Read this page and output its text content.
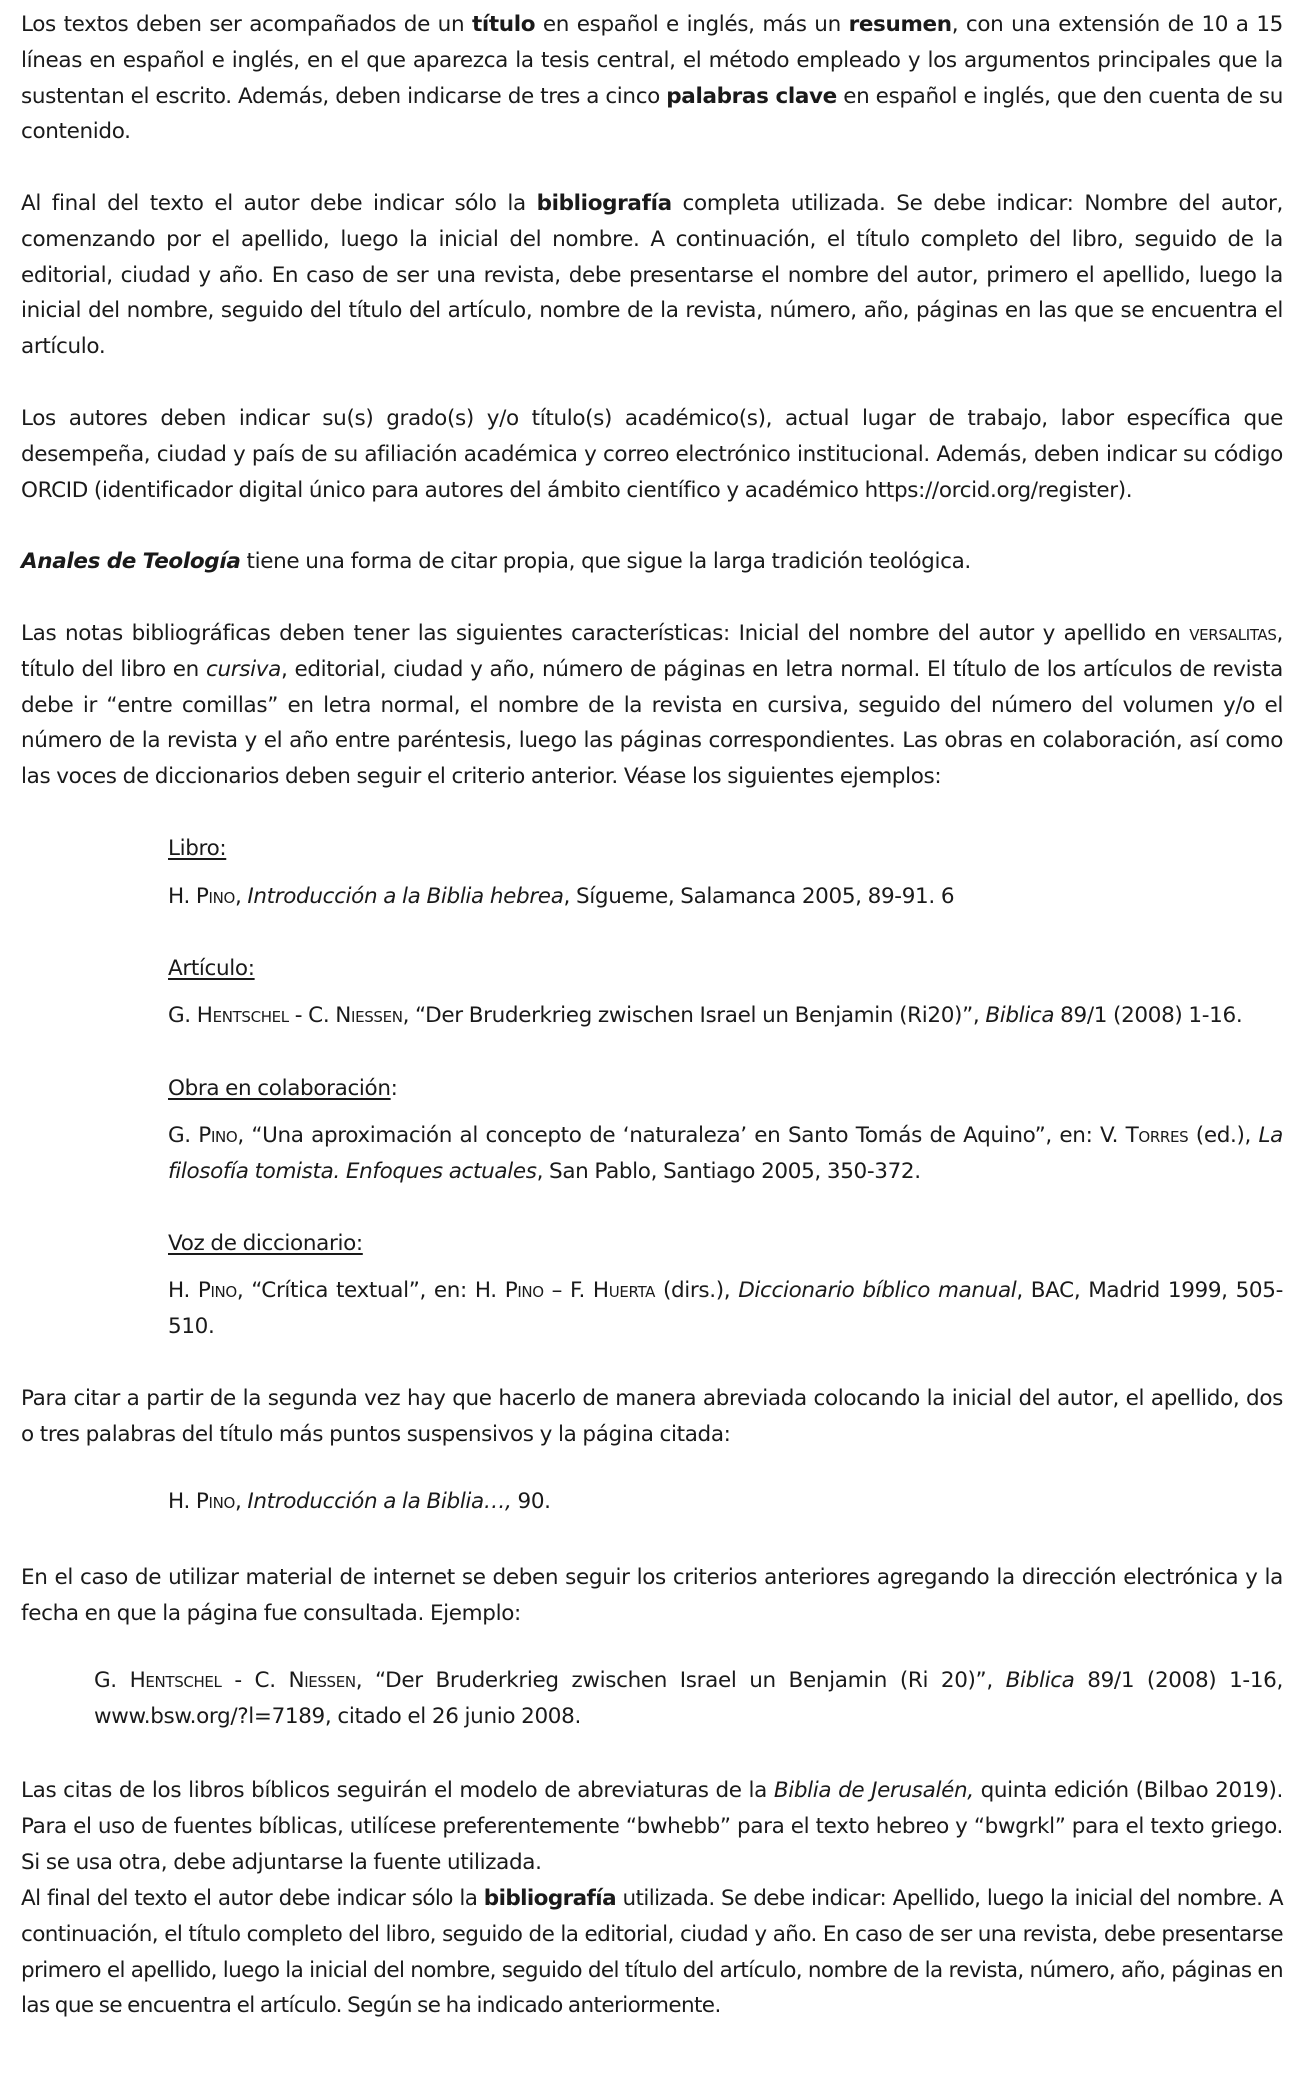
Los textos deben ser acompañados de un título en español e inglés, más un resumen, con una extensión de 10 a 15 líneas en español e inglés, en el que aparezca la tesis central, el método empleado y los argumentos principales que la sustentan el escrito. Además, deben indicarse de tres a cinco palabras clave en español e inglés, que den cuenta de su contenido.

Al final del texto el autor debe indicar sólo la bibliografía completa utilizada. Se debe indicar: Nombre del autor, comenzando por el apellido, luego la inicial del nombre. A continuación, el título completo del libro, seguido de la editorial, ciudad y año. En caso de ser una revista, debe presentarse el nombre del autor, primero el apellido, luego la inicial del nombre, seguido del título del artículo, nombre de la revista, número, año, páginas en las que se encuentra el artículo.

Los autores deben indicar su(s) grado(s) y/o título(s) académico(s), actual lugar de trabajo, labor específica que desempeña, ciudad y país de su afiliación académica y correo electrónico institucional. Además, deben indicar su código ORCID (identificador digital único para autores del ámbito científico y académico https://orcid.org/register).

Anales de Teología tiene una forma de citar propia, que sigue la larga tradición teológica.

Las notas bibliográficas deben tener las siguientes características: Inicial del nombre del autor y apellido en versalitas, título del libro en cursiva, editorial, ciudad y año, número de páginas en letra normal. El título de los artículos de revista debe ir “entre comillas” en letra normal, el nombre de la revista en cursiva, seguido del número del volumen y/o el número de la revista y el año entre paréntesis, luego las páginas correspondientes. Las obras en colaboración, así como las voces de diccionarios deben seguir el criterio anterior. Véase los siguientes ejemplos:

Libro:

H. Pino, Introducción a la Biblia hebrea, Sígueme, Salamanca 2005, 89-91. 6

Artículo:

G. Hentschel - C. Niessen, “Der Bruderkrieg zwischen Israel un Benjamin (Ri20)”, Biblica 89/1 (2008) 1-16.

Obra en colaboración:

G. Pino, “Una aproximación al concepto de ‘naturaleza’ en Santo Tomás de Aquino”, en: V. Torres (ed.), La filosofía tomista. Enfoques actuales, San Pablo, Santiago 2005, 350-372.

Voz de diccionario:

H. Pino, “Crítica textual”, en: H. Pino – F. Huerta (dirs.), Diccionario bíblico manual, BAC, Madrid 1999, 505-510.

Para citar a partir de la segunda vez hay que hacerlo de manera abreviada colocando la inicial del autor, el apellido, dos o tres palabras del título más puntos suspensivos y la página citada:

H. Pino, Introducción a la Biblia…, 90.

En el caso de utilizar material de internet se deben seguir los criterios anteriores agregando la dirección electrónica y la fecha en que la página fue consultada. Ejemplo:

G. Hentschel - C. Niessen, “Der Bruderkrieg zwischen Israel un Benjamin (Ri 20)”, Biblica 89/1 (2008) 1-16, www.bsw.org/?l=7189, citado el 26 junio 2008.

Las citas de los libros bíblicos seguirán el modelo de abreviaturas de la Biblia de Jerusalén, quinta edición (Bilbao 2019). Para el uso de fuentes bíblicas, utilícese preferentemente “bwhebb” para el texto hebreo y “bwgrkl” para el texto griego. Si se usa otra, debe adjuntarse la fuente utilizada.

Al final del texto el autor debe indicar sólo la bibliografía utilizada. Se debe indicar: Apellido, luego la inicial del nombre. A continuación, el título completo del libro, seguido de la editorial, ciudad y año. En caso de ser una revista, debe presentarse primero el apellido, luego la inicial del nombre, seguido del título del artículo, nombre de la revista, número, año, páginas en las que se encuentra el artículo. Según se ha indicado anteriormente.
